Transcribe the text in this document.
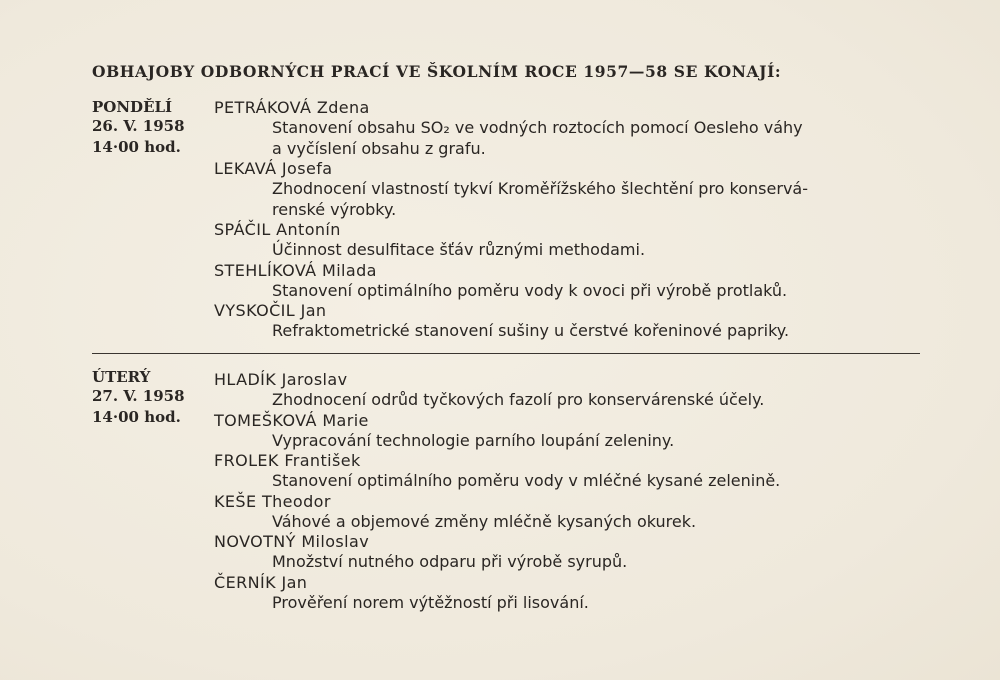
OBHAJOBY ODBORNÝCH PRACÍ VE ŠKOLNÍM ROCE 1957—58 SE KONAJÍ:
PONDĚLÍ
26. V. 1958
14·00 hod.
PETRÁKOVÁ Zdena
Stanovení obsahu SO₂ ve vodných roztocích pomocí Oesleho váhy
a vyčíslení obsahu z grafu.
LEKAVÁ Josefa
Zhodnocení vlastností tykví Kroměřížského šlechtění pro konservá-
renské výrobky.
SPÁČIL Antonín
Účinnost desulfitace šťáv různými methodami.
STEHLÍKOVÁ Milada
Stanovení optimálního poměru vody k ovoci při výrobě protlaků.
VYSKOČIL Jan
Refraktometrické stanovení sušiny u čerstvé kořeninové papriky.
ÚTERÝ
27. V. 1958
14·00 hod.
HLADÍK Jaroslav
Zhodnocení odrůd tyčkových fazolí pro konservárenské účely.
TOMEŠKOVÁ Marie
Vypracování technologie parního loupání zeleniny.
FROLEK František
Stanovení optimálního poměru vody v mléčné kysané zelenině.
KEŠE Theodor
Váhové a objemové změny mléčně kysaných okurek.
NOVOTNÝ Miloslav
Množství nutného odparu při výrobě syrupů.
ČERNÍK Jan
Prověření norem výtěžností při lisování.
